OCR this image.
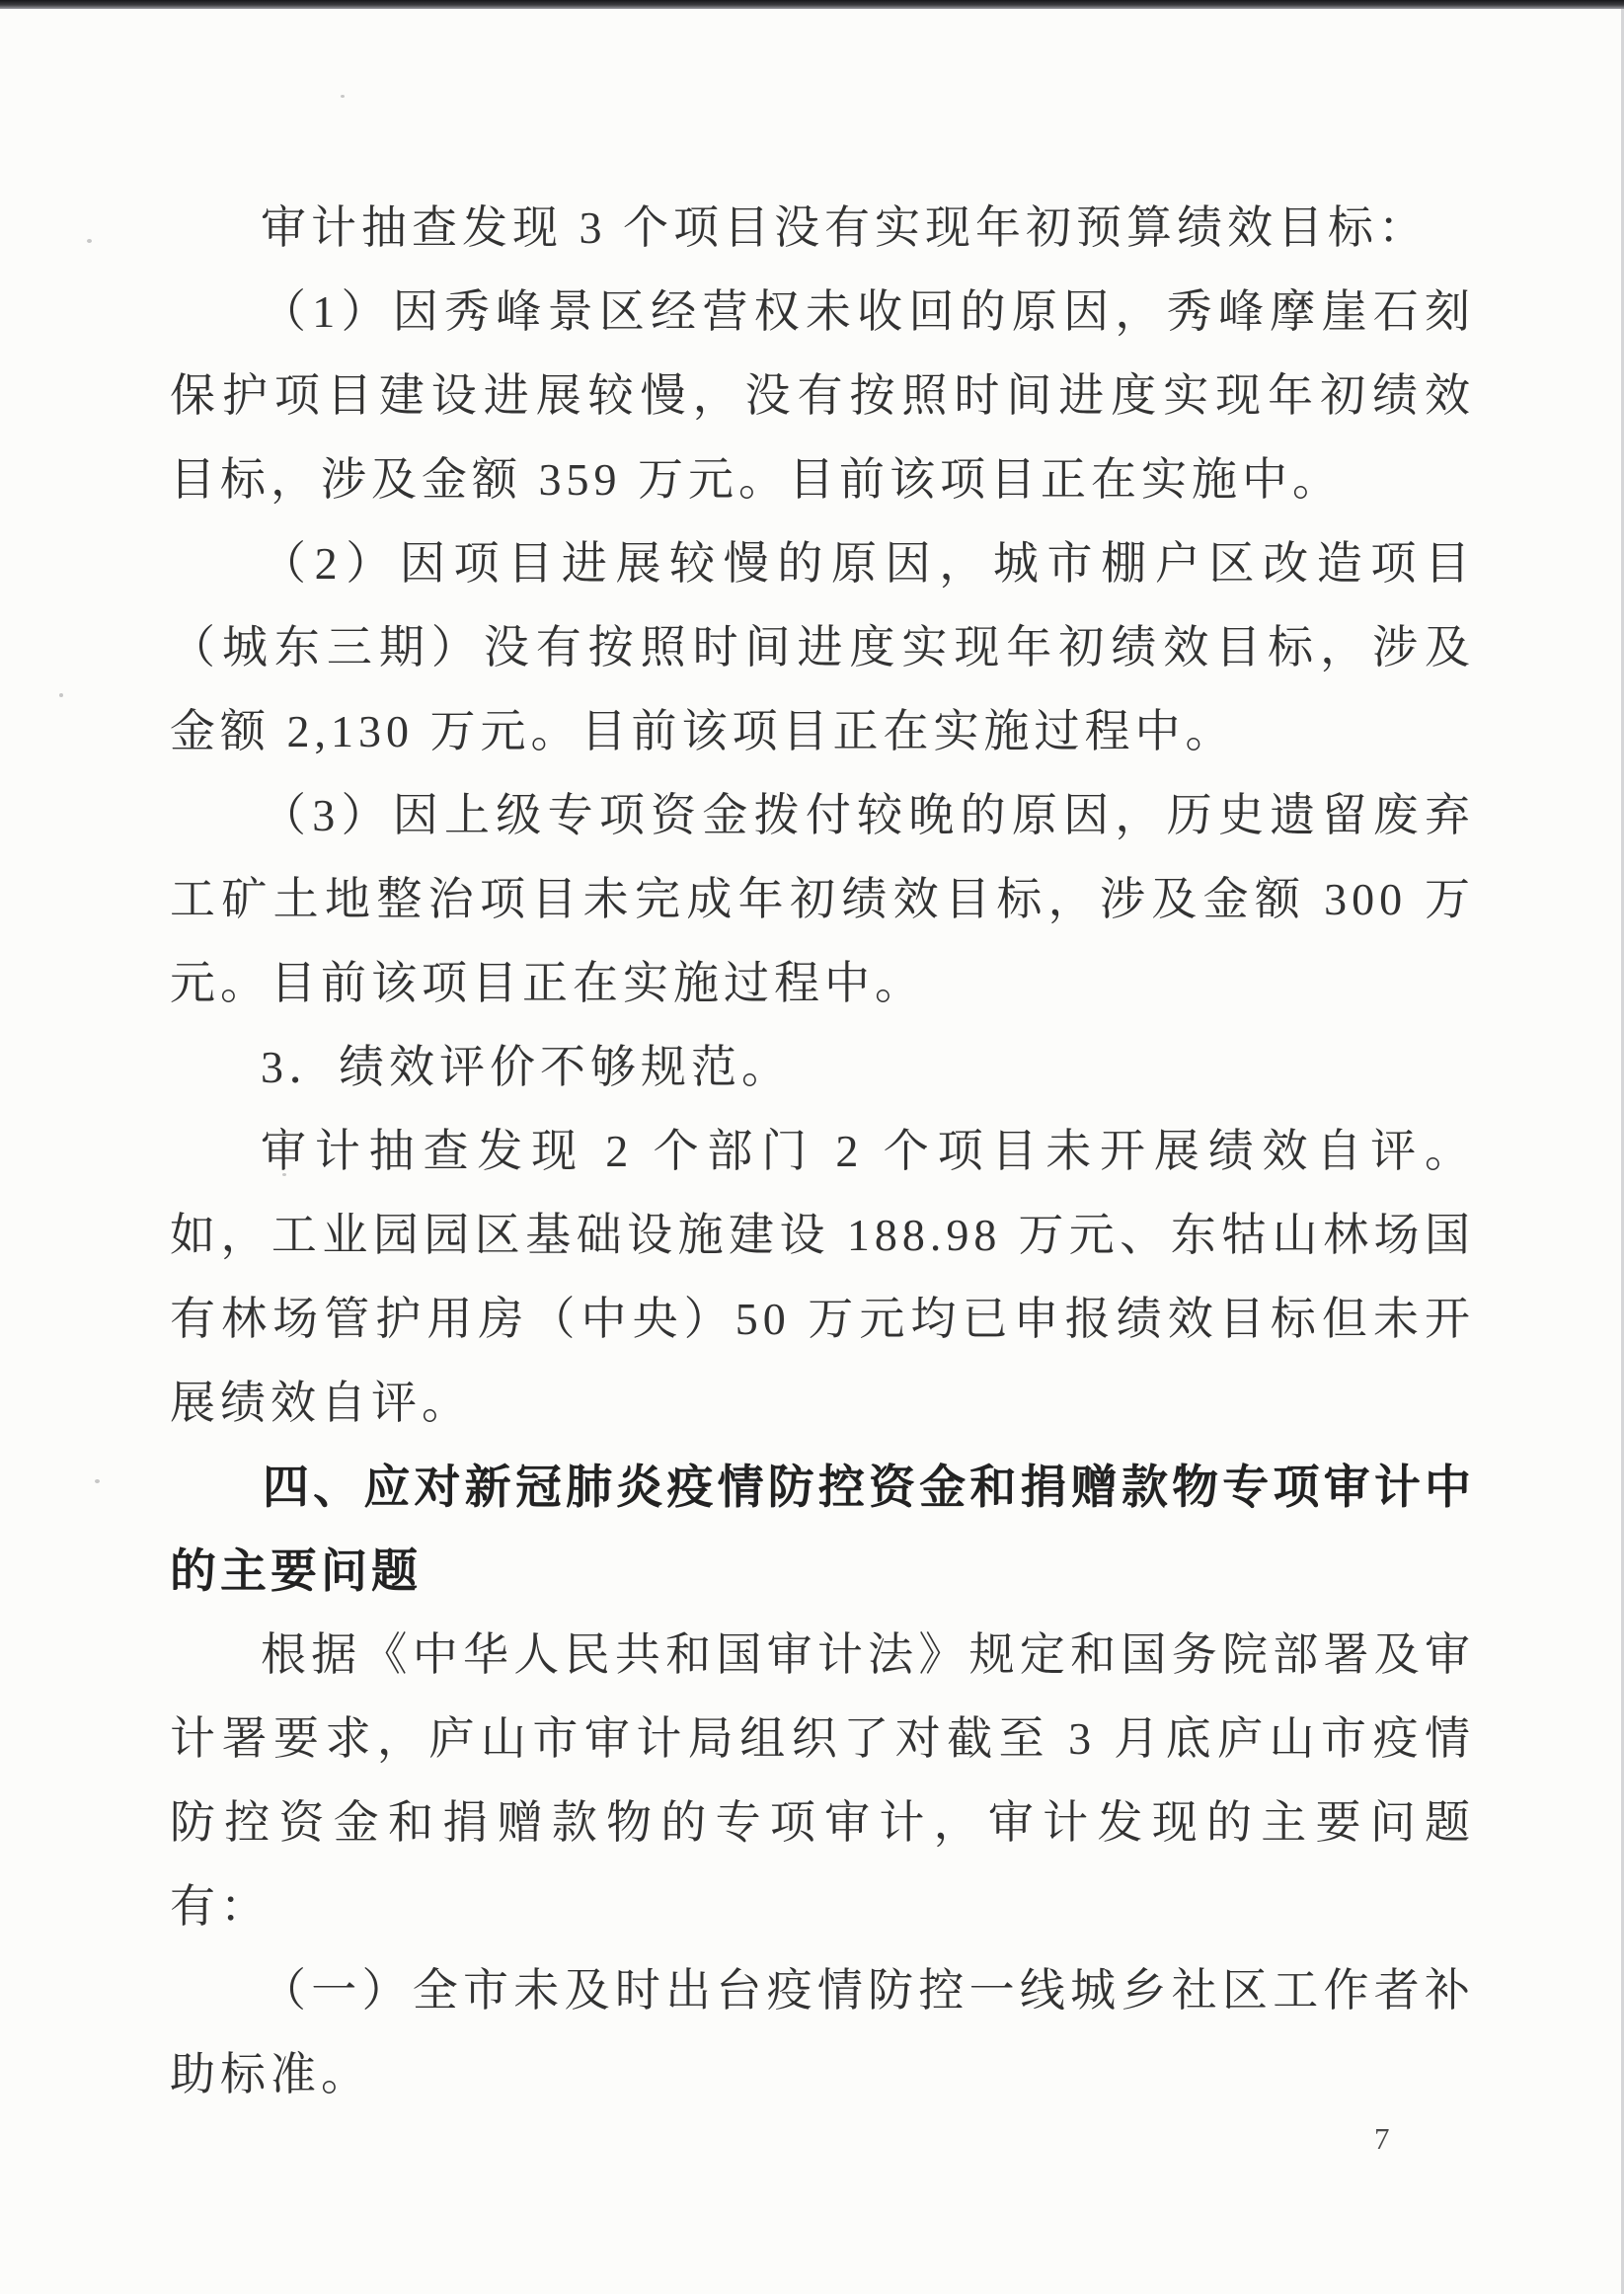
审计抽查发现 3 个项目没有实现年初预算绩效目标：

（1）因秀峰景区经营权未收回的原因，秀峰摩崖石刻保护项目建设进展较慢，没有按照时间进度实现年初绩效目标，涉及金额 359 万元。目前该项目正在实施中。

（2）因项目进展较慢的原因，城市棚户区改造项目（城东三期）没有按照时间进度实现年初绩效目标，涉及金额 2,130 万元。目前该项目正在实施过程中。

（3）因上级专项资金拨付较晚的原因，历史遗留废弃工矿土地整治项目未完成年初绩效目标，涉及金额 300 万元。目前该项目正在实施过程中。

3．绩效评价不够规范。

审计抽查发现 2 个部门 2 个项目未开展绩效自评。如，工业园园区基础设施建设 188.98 万元、东牯山林场国有林场管护用房（中央）50 万元均已申报绩效目标但未开展绩效自评。

四、应对新冠肺炎疫情防控资金和捐赠款物专项审计中的主要问题

根据《中华人民共和国审计法》规定和国务院部署及审计署要求，庐山市审计局组织了对截至 3 月底庐山市疫情防控资金和捐赠款物的专项审计，审计发现的主要问题有：

（一）全市未及时出台疫情防控一线城乡社区工作者补助标准。

7
